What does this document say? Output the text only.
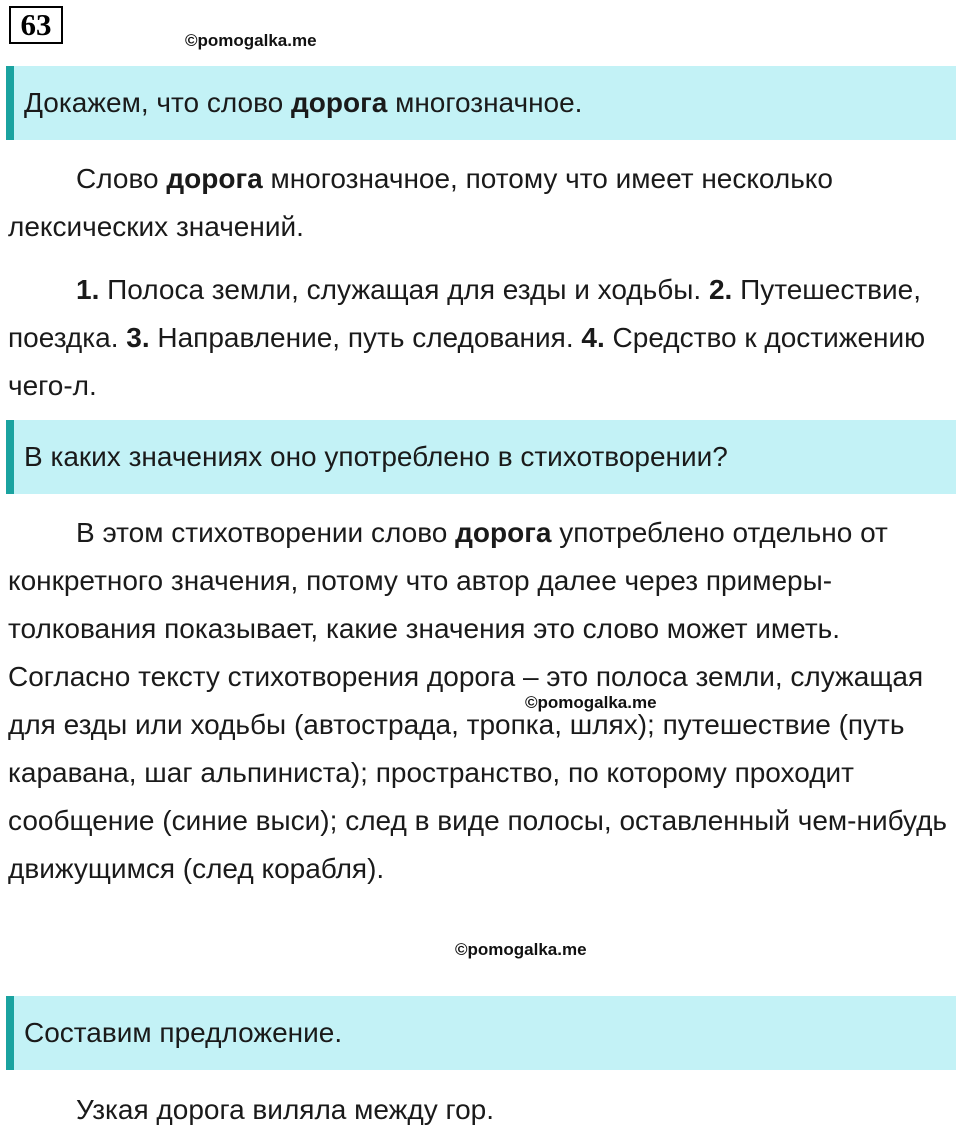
63	©pomogalka.me
Докажем, что слово дорога многозначное.

Слово дорога многозначное, потому что имеет несколько лексических значений.

1. Полоса земли, служащая для езды и ходьбы. 2. Путешествие, поездка. 3. Направление, путь следования. 4. Средство к достижению чего-л.

В каких значениях оно употреблено в стихотворении?

В этом стихотворении слово дорога употреблено отдельно от конкретного значения, потому что автор далее через примеры-толкования показывает, какие значения это слово может иметь. Согласно тексту стихотворения дорога – это полоса земли, служащая для езды или ходьбы (автострада, тропка, шлях); путешествие (путь каравана, шаг альпиниста); пространство, по которому проходит сообщение (синие выси); след в виде полосы, оставленный чем-нибудь движущимся (след корабля).

©pomogalka.me
©pomogalka.me
Составим предложение.

Узкая дорога виляла между гор.
